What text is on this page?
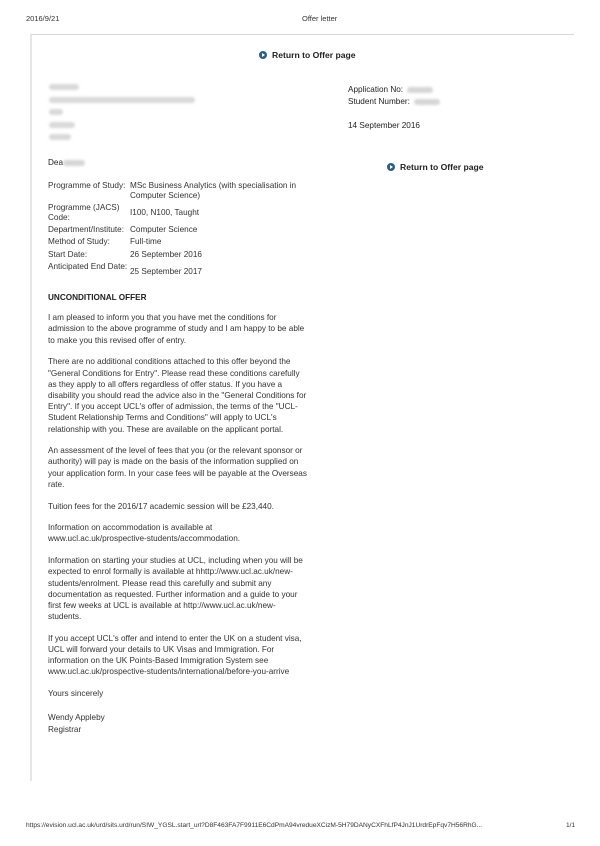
2016/9/21	Offer letter
Return to Offer page
Application No:
Student Number:
14 September 2016
Dea	Return to Offer page
Programme of Study:	MSc Business Analytics (with specialisation in Computer Science)
Programme (JACS) Code:	I100, N100, Taught
Department/Institute:	Computer Science
Method of Study:	Full-time
Start Date:	26 September 2016
Anticipated End Date:	25 September 2017

UNCONDITIONAL OFFER

I am pleased to inform you that you have met the conditions for admission to the above programme of study and I am happy to be able to make you this revised offer of entry.

There are no additional conditions attached to this offer beyond the "General Conditions for Entry". Please read these conditions carefully as they apply to all offers regardless of offer status. If you have a disability you should read the advice also in the "General Conditions for Entry". If you accept UCL's offer of admission, the terms of the "UCL-Student Relationship Terms and Conditions" will apply to UCL's relationship with you. These are available on the applicant portal.

An assessment of the level of fees that you (or the relevant sponsor or authority) will pay is made on the basis of the information supplied on your application form. In your case fees will be payable at the Overseas rate.

Tuition fees for the 2016/17 academic session will be £23,440.

Information on accommodation is available at www.ucl.ac.uk/prospective-students/accommodation.

Information on starting your studies at UCL, including when you will be expected to enrol formally is available at hhttp://www.ucl.ac.uk/new-students/enrolment. Please read this carefully and submit any documentation as requested. Further information and a guide to your first few weeks at UCL is available at http://www.ucl.ac.uk/new-students.

If you accept UCL's offer and intend to enter the UK on a student visa, UCL will forward your details to UK Visas and Immigration. For information on the UK Points-Based Immigration System see www.ucl.ac.uk/prospective-students/international/before-you-arrive

Yours sincerely

Wendy Appleby
Registrar

https://evision.ucl.ac.uk/urd/sits.urd/run/SIW_YGSL.start_url?D8F463FA7F9911E6CdPmA94vreduеXCizM-5H79DANyCXFhLfP4JnJ1UrdrEpFqv7H56RhG...	1/1
